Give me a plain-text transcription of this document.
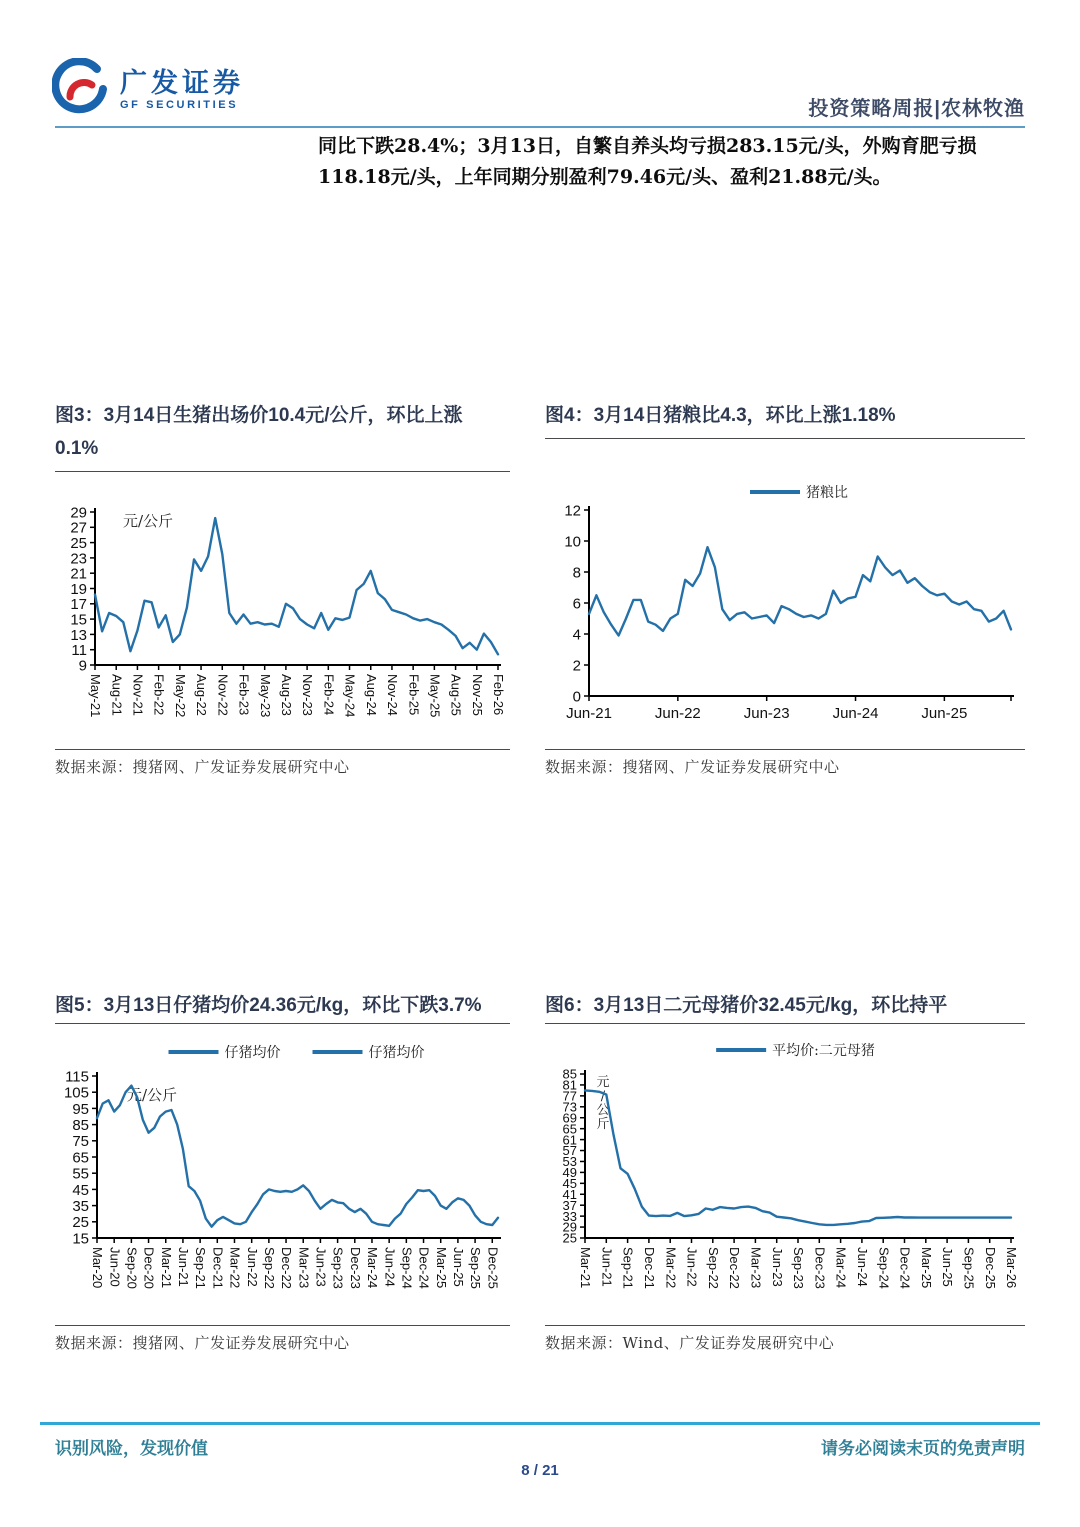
广发证券
GF SECURITIES	投资策略周报|农林牧渔
同比下跌28.4%；3月13日，自繁自养头均亏损283.15元/头，外购育肥亏损118.18元/头，上年同期分别盈利79.46元/头、盈利21.88元/头。
图3：3月14日生猪出场价10.4元/公斤，环比上涨0.1%
9
11
13
15
17
19
21
23
25
27
29
May-21 Aug-21 Nov-21 Feb-22 May-22 Aug-22 Nov-22 Feb-23 May-23 Aug-23 Nov-23 Feb-24 May-24 Aug-24 Nov-24 Feb-25 May-25 Aug-25 Nov-25 Feb-26
元/公斤
数据来源：搜猪网、广发证券发展研究中心
图4：3月14日猪粮比4.3，环比上涨1.18%
猪粮比
0
2
4
6
8
10
12
Jun-21	Jun-22	Jun-23	Jun-24	Jun-25
数据来源：搜猪网、广发证券发展研究中心
图5：3月13日仔猪均价24.36元/kg，环比下跌3.7%
仔猪均价	仔猪均价
15
25
35
45
55
65
75
85
95
105
115
Mar-20 Jun-20 Sep-20 Dec-20 Mar-21 Jun-21 Sep-21 Dec-21 Mar-22 Jun-22 Sep-22 Dec-22 Mar-23 Jun-23 Sep-23 Dec-23 Mar-24 Jun-24 Sep-24 Dec-24 Mar-25 Jun-25 Sep-25 Dec-25
元/公斤
数据来源：搜猪网、广发证券发展研究中心
图6：3月13日二元母猪价32.45元/kg，环比持平
平均价:二元母猪
25
29
33
37
41
45
49
53
57
61
65
69
73
77
81
85
Mar-21 Jun-21 Sep-21 Dec-21 Mar-22 Jun-22 Sep-22 Dec-22 Mar-23 Jun-23 Sep-23 Dec-23 Mar-24 Jun-24 Sep-24 Dec-24 Mar-25 Jun-25 Sep-25 Dec-25 Mar-26
元/公斤
数据来源：Wind、广发证券发展研究中心
识别风险，发现价值	请务必阅读末页的免责声明
8 / 21
